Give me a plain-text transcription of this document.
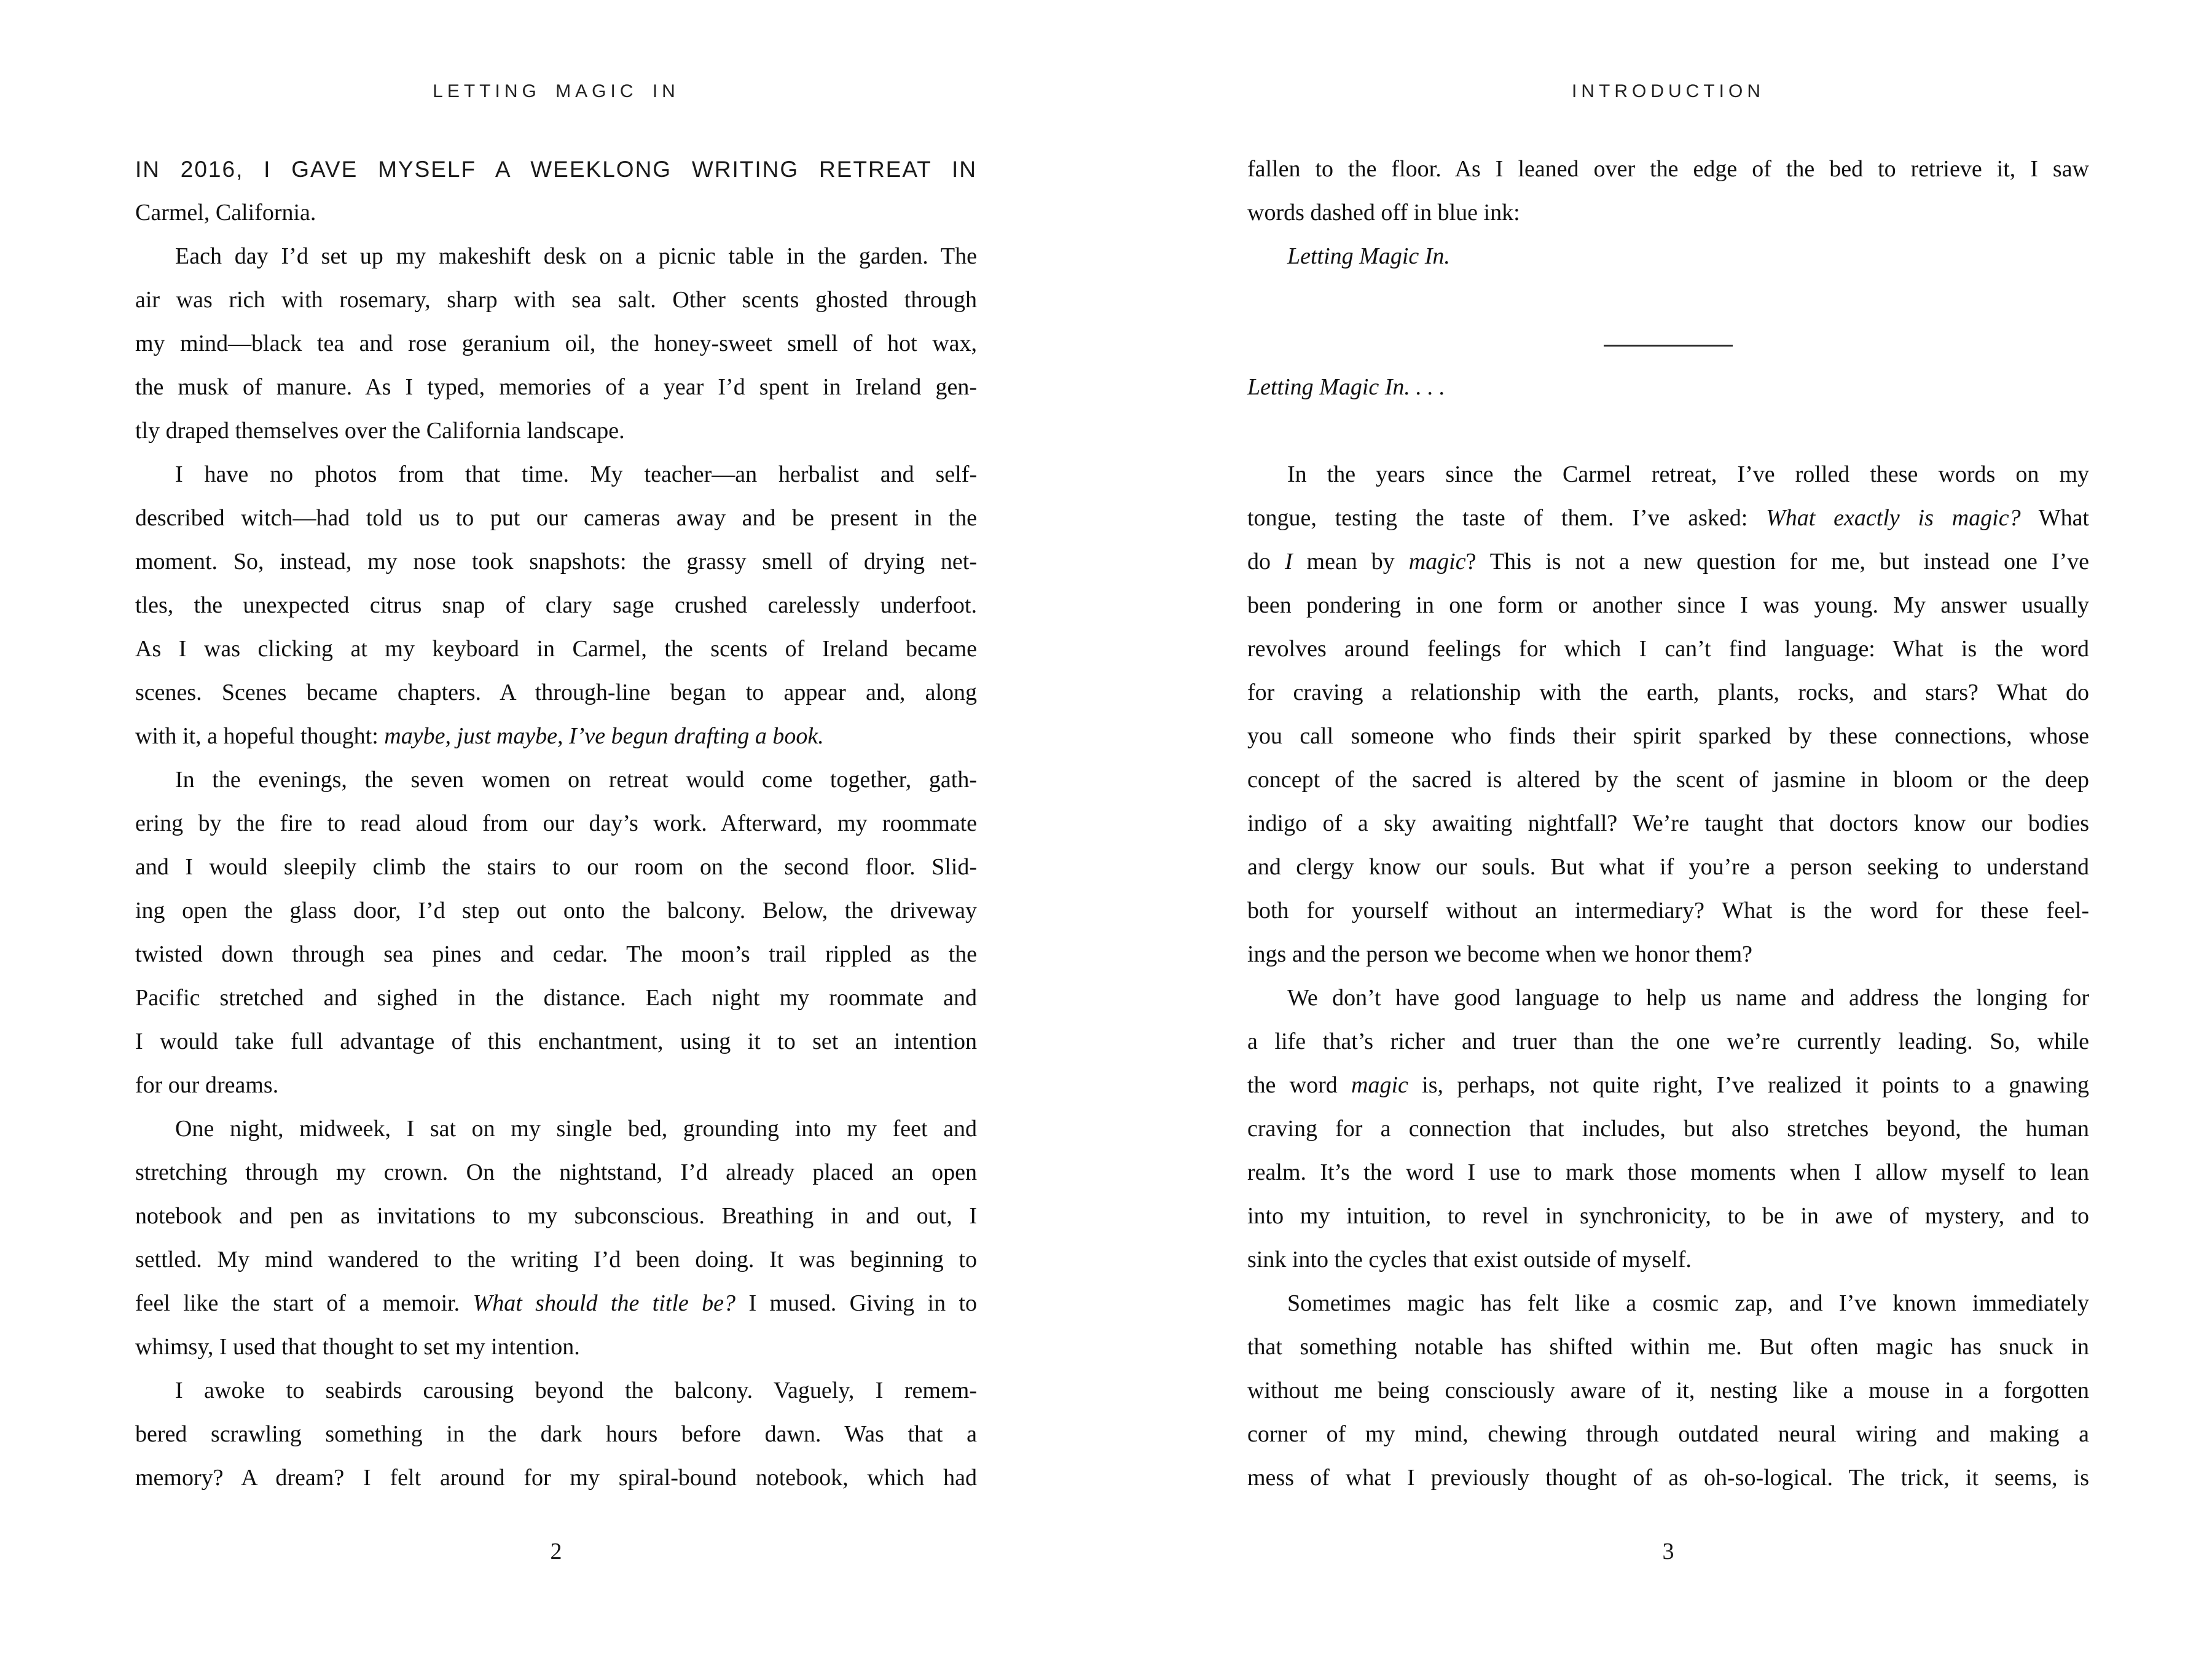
LETTING MAGIC IN
IN 2016, I GAVE MYSELF A WEEKLONG WRITING RETREAT IN
Carmel, California.
Each day I’d set up my makeshift desk on a picnic table in the garden. The
air was rich with rosemary, sharp with sea salt. Other scents ghosted through
my mind—black tea and rose geranium oil, the honey-sweet smell of hot wax,
the musk of manure. As I typed, memories of a year I’d spent in Ireland gen-
tly draped themselves over the California landscape.
I have no photos from that time. My teacher—an herbalist and self-
described witch—had told us to put our cameras away and be present in the
moment. So, instead, my nose took snapshots: the grassy smell of drying net-
tles, the unexpected citrus snap of clary sage crushed carelessly underfoot.
As I was clicking at my keyboard in Carmel, the scents of Ireland became
scenes. Scenes became chapters. A through-line began to appear and, along
with it, a hopeful thought: maybe, just maybe, I’ve begun drafting a book.
In the evenings, the seven women on retreat would come together, gath-
ering by the fire to read aloud from our day’s work. Afterward, my roommate
and I would sleepily climb the stairs to our room on the second floor. Slid-
ing open the glass door, I’d step out onto the balcony. Below, the driveway
twisted down through sea pines and cedar. The moon’s trail rippled as the
Pacific stretched and sighed in the distance. Each night my roommate and
I would take full advantage of this enchantment, using it to set an intention
for our dreams.
One night, midweek, I sat on my single bed, grounding into my feet and
stretching through my crown. On the nightstand, I’d already placed an open
notebook and pen as invitations to my subconscious. Breathing in and out, I
settled. My mind wandered to the writing I’d been doing. It was beginning to
feel like the start of a memoir. What should the title be? I mused. Giving in to
whimsy, I used that thought to set my intention.
I awoke to seabirds carousing beyond the balcony. Vaguely, I remem-
bered scrawling something in the dark hours before dawn. Was that a
memory? A dream? I felt around for my spiral-bound notebook, which had
2
INTRODUCTION
fallen to the floor. As I leaned over the edge of the bed to retrieve it, I saw
words dashed off in blue ink:
Letting Magic In.
Letting Magic In. . . .
In the years since the Carmel retreat, I’ve rolled these words on my
tongue, testing the taste of them. I’ve asked: What exactly is magic? What
do I mean by magic? This is not a new question for me, but instead one I’ve
been pondering in one form or another since I was young. My answer usually
revolves around feelings for which I can’t find language: What is the word
for craving a relationship with the earth, plants, rocks, and stars? What do
you call someone who finds their spirit sparked by these connections, whose
concept of the sacred is altered by the scent of jasmine in bloom or the deep
indigo of a sky awaiting nightfall? We’re taught that doctors know our bodies
and clergy know our souls. But what if you’re a person seeking to understand
both for yourself without an intermediary? What is the word for these feel-
ings and the person we become when we honor them?
We don’t have good language to help us name and address the longing for
a life that’s richer and truer than the one we’re currently leading. So, while
the word magic is, perhaps, not quite right, I’ve realized it points to a gnawing
craving for a connection that includes, but also stretches beyond, the human
realm. It’s the word I use to mark those moments when I allow myself to lean
into my intuition, to revel in synchronicity, to be in awe of mystery, and to
sink into the cycles that exist outside of myself.
Sometimes magic has felt like a cosmic zap, and I’ve known immediately
that something notable has shifted within me. But often magic has snuck in
without me being consciously aware of it, nesting like a mouse in a forgotten
corner of my mind, chewing through outdated neural wiring and making a
mess of what I previously thought of as oh-so-logical. The trick, it seems, is
3
